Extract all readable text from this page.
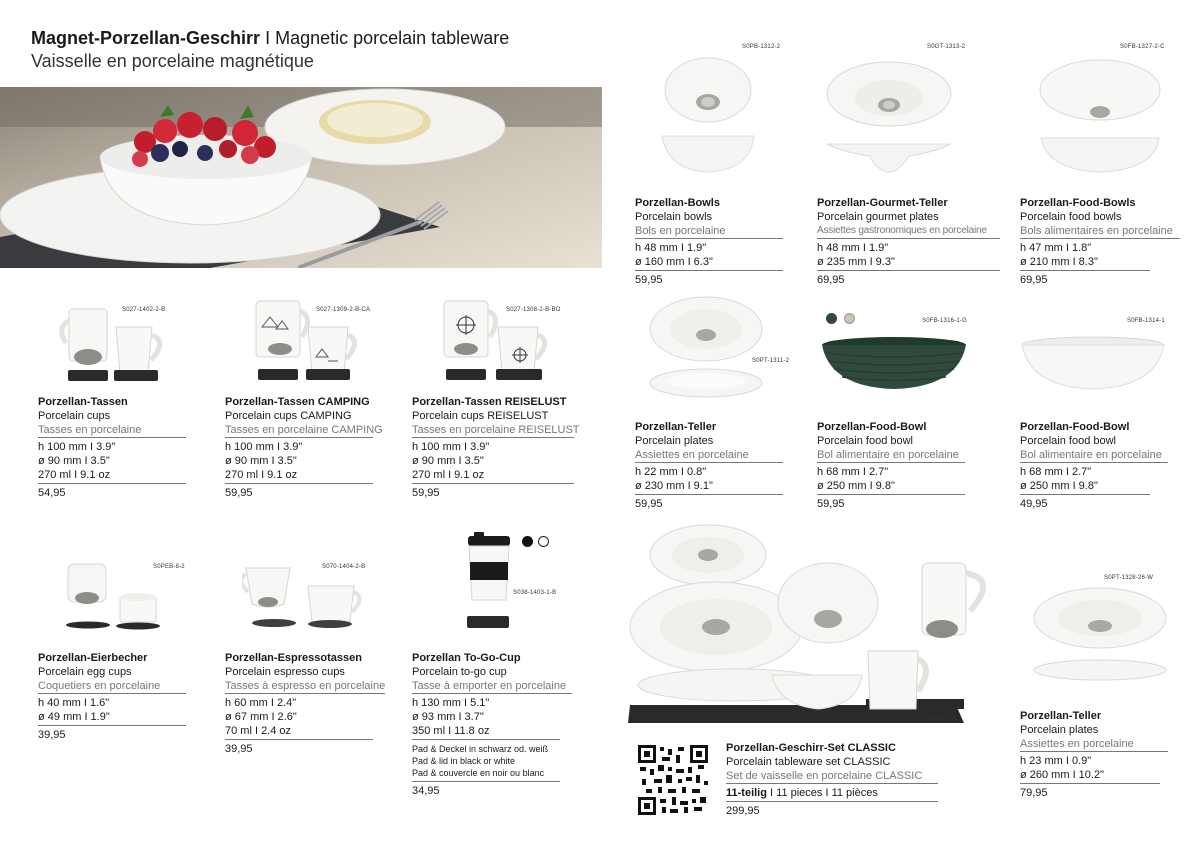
Magnet-Porzellan-Geschirr I Magnetic porcelain tableware
Vaisselle en porcelaine magnétique
S0PB-1312-2	S0GT-1313-2	S0FB-1327-2-C
Porzellan-Bowls
Porcelain bowls
Bols en porcelaine
h 48 mm I 1.9"
ø 160 mm I 6.3"
59,95
Porzellan-Gourmet-Teller
Porcelain gourmet plates
Assiettes gastronomiques en porcelaine
h 48 mm I 1.9"
ø 235 mm I 9.3"
69,95
Porzellan-Food-Bowls
Porcelain food bowls
Bols alimentaires en porcelaine
h 47 mm I 1.8"
ø 210 mm I 8.3"
69,95
S0PT-1311-2
S0FB-1316-1-G	S0FB-1314-1
Porzellan-Teller
Porcelain plates
Assiettes en porcelaine
h 22 mm I 0.8"
ø 230 mm I 9.1"
59,95
Porzellan-Food-Bowl
Porcelain food bowl
Bol alimentaire en porcelaine
h 68 mm I 2.7"
ø 250 mm I 9.8"
59,95
Porzellan-Food-Bowl
Porcelain food bowl
Bol alimentaire en porcelaine
h 68 mm I 2.7"
ø 250 mm I 9.8"
49,95
S027-1402-2-B	S027-1309-2-B-CA	S027-1308-2-B-BO
Porzellan-Tassen
Porcelain cups
Tasses en porcelaine
h 100 mm I 3.9"
ø 90 mm I 3.5"
270 ml I 9.1 oz
54,95
Porzellan-Tassen CAMPING
Porcelain cups CAMPING
Tasses en porcelaine CAMPING
h 100 mm I 3.9"
ø 90 mm I 3.5"
270 ml I 9.1 oz
59,95
Porzellan-Tassen REISELUST
Porcelain cups REISELUST
Tasses en porcelaine REISELUST
h 100 mm I 3.9"
ø 90 mm I 3.5"
270 ml I 9.1 oz
59,95
S0PEB-8-2	S070-1404-2-B
S038-1403-1-B
Porzellan-Eierbecher
Porcelain egg cups
Coquetiers en porcelaine
h 40 mm I 1.6"
ø 49 mm I 1.9"
39,95
Porzellan-Espressotassen
Porcelain espresso cups
Tasses à espresso en porcelaine
h 60 mm I 2.4"
ø 67 mm I 2.6"
70 ml I 2.4 oz
39,95
Porzellan To-Go-Cup
Porcelain to-go cup
Tasse à emporter en porcelaine
h 130 mm I 5.1"
ø 93 mm I 3.7"
350 ml I 11.8 oz
Pad & Deckel in schwarz od. weiß
Pad & lid in black or white
Pad & couvercle en noir ou blanc
34,95
PO-VS-W
Porzellan-Geschirr-Set CLASSIC
Porcelain tableware set CLASSIC
Set de vaisselle en porcelaine CLASSIC
11-teilig I 11 pieces I 11 pièces
299,95
S0PT-1328-26-W
Porzellan-Teller
Porcelain plates
Assiettes en porcelaine
h 23 mm I 0.9"
ø 260 mm I 10.2"
79,95
